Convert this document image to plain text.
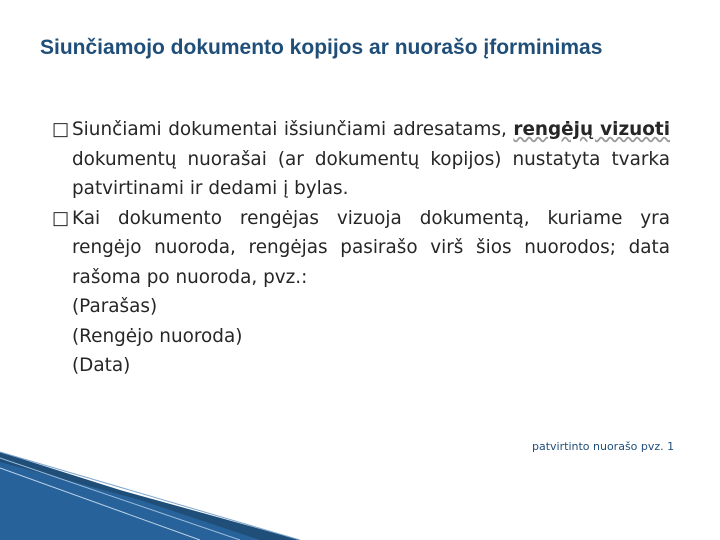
Siunčiamojo dokumento kopijos ar nuorašo įforminimas
□ Siunčiami dokumentai išsiunčiami adresatams, rengėjų vizuoti dokumentų nuorašai (ar dokumentų kopijos) nustatyta tvarka patvirtinami ir dedami į bylas.
□ Kai dokumento rengėjas vizuoja dokumentą, kuriame yra rengėjo nuoroda, rengėjas pasirašo virš šios nuorodos; data rašoma po nuoroda, pvz.:
(Parašas)
(Rengėjo nuoroda)
(Data)
patvirtinto nuorašo pvz. 1
